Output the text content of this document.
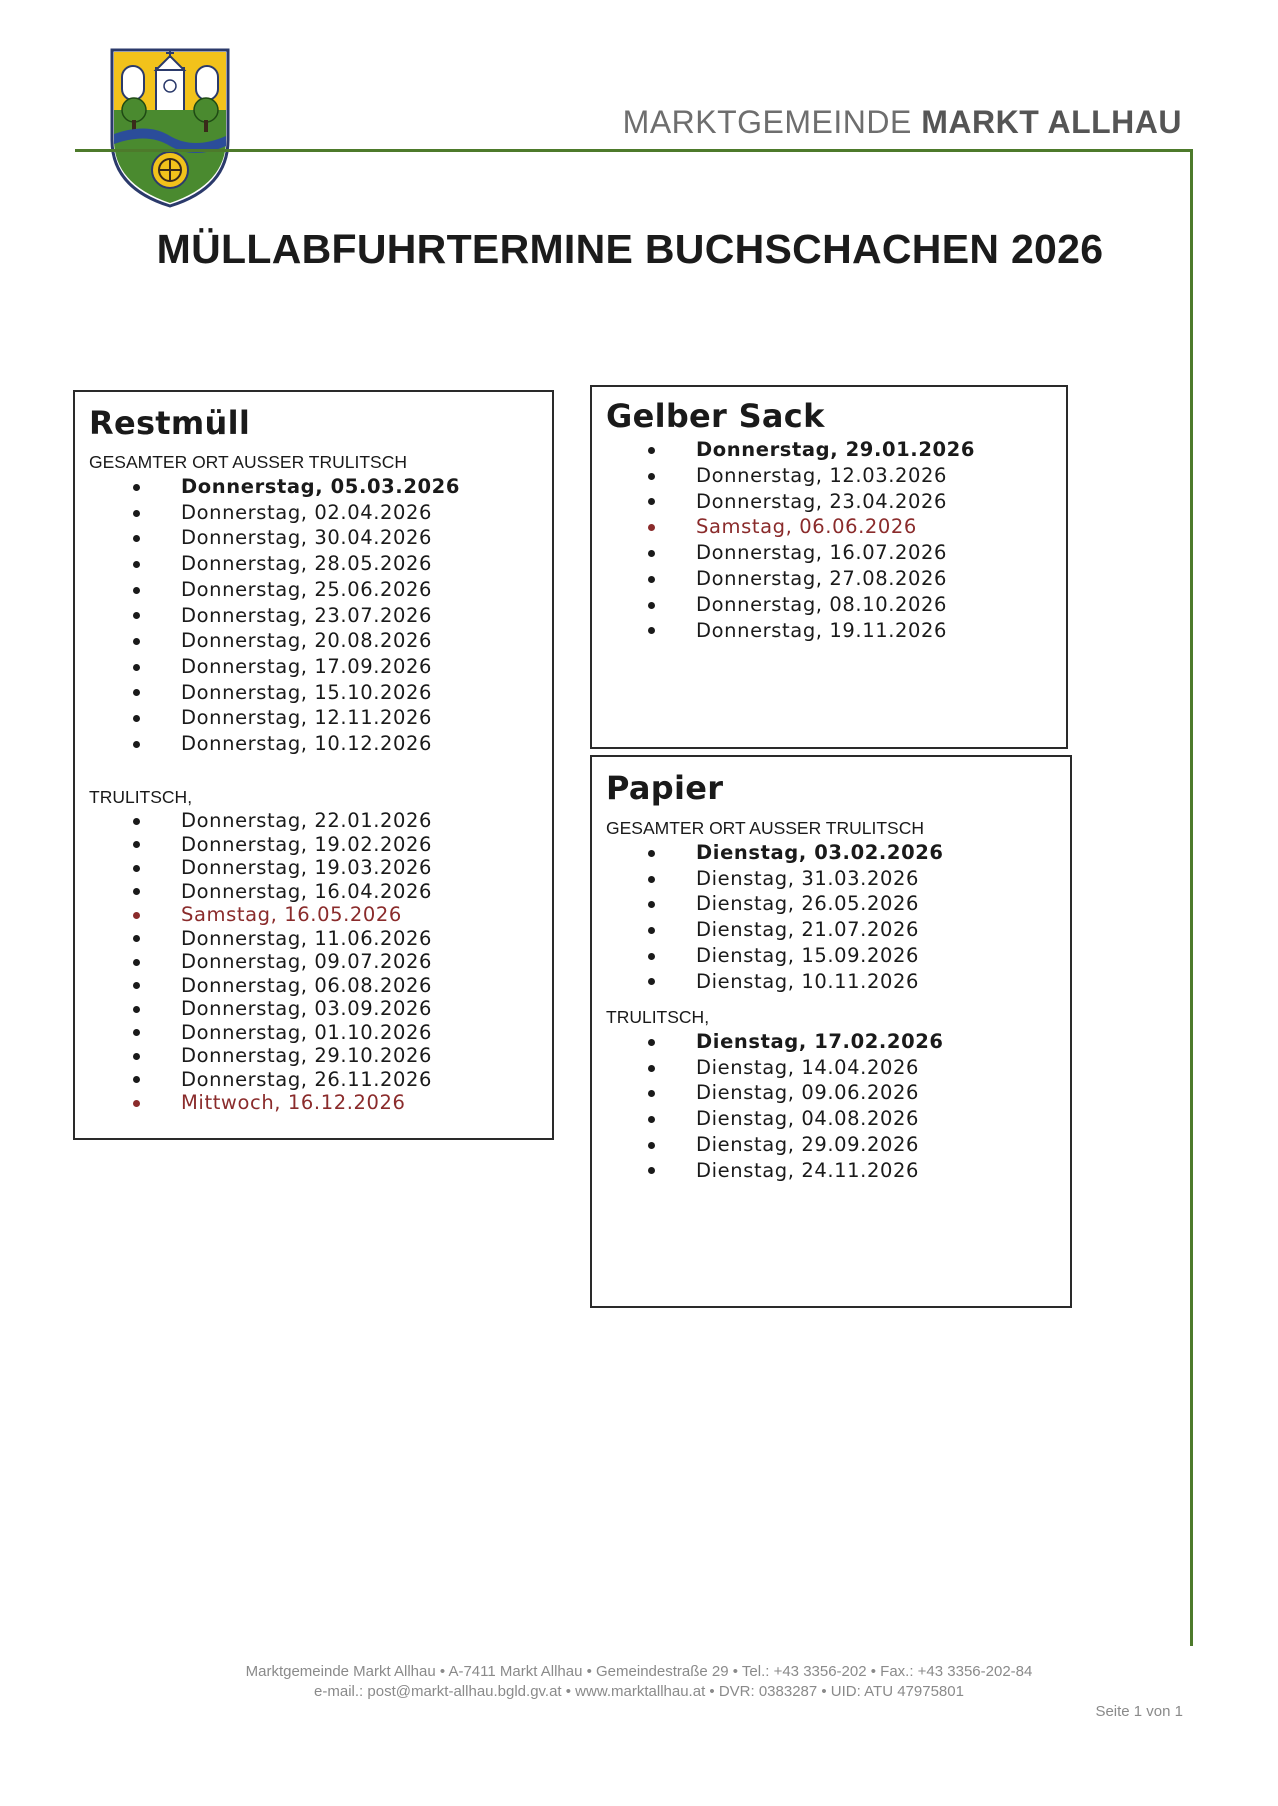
MARKTGEMEINDE MARKT ALLHAU
MÜLLABFUHRTERMINE BUCHSCHACHEN 2026
Restmüll
GESAMTER ORT AUSSER TRULITSCH
Donnerstag, 05.03.2026
Donnerstag, 02.04.2026
Donnerstag, 30.04.2026
Donnerstag, 28.05.2026
Donnerstag, 25.06.2026
Donnerstag, 23.07.2026
Donnerstag, 20.08.2026
Donnerstag, 17.09.2026
Donnerstag, 15.10.2026
Donnerstag, 12.11.2026
Donnerstag, 10.12.2026
TRULITSCH,
Donnerstag, 22.01.2026
Donnerstag, 19.02.2026
Donnerstag, 19.03.2026
Donnerstag, 16.04.2026
Samstag, 16.05.2026
Donnerstag, 11.06.2026
Donnerstag, 09.07.2026
Donnerstag, 06.08.2026
Donnerstag, 03.09.2026
Donnerstag, 01.10.2026
Donnerstag, 29.10.2026
Donnerstag, 26.11.2026
Mittwoch, 16.12.2026
Gelber Sack
Donnerstag, 29.01.2026
Donnerstag, 12.03.2026
Donnerstag, 23.04.2026
Samstag, 06.06.2026
Donnerstag, 16.07.2026
Donnerstag, 27.08.2026
Donnerstag, 08.10.2026
Donnerstag, 19.11.2026
Papier
GESAMTER ORT AUSSER TRULITSCH
Dienstag, 03.02.2026
Dienstag, 31.03.2026
Dienstag, 26.05.2026
Dienstag, 21.07.2026
Dienstag, 15.09.2026
Dienstag, 10.11.2026
TRULITSCH,
Dienstag, 17.02.2026
Dienstag, 14.04.2026
Dienstag, 09.06.2026
Dienstag, 04.08.2026
Dienstag, 29.09.2026
Dienstag, 24.11.2026
Marktgemeinde Markt Allhau • A-7411 Markt Allhau • Gemeindestraße 29 • Tel.: +43 3356-202 • Fax.: +43 3356-202-84
e-mail.: post@markt-allhau.bgld.gv.at • www.marktallhau.at • DVR: 0383287 • UID: ATU 47975801
Seite 1 von 1
